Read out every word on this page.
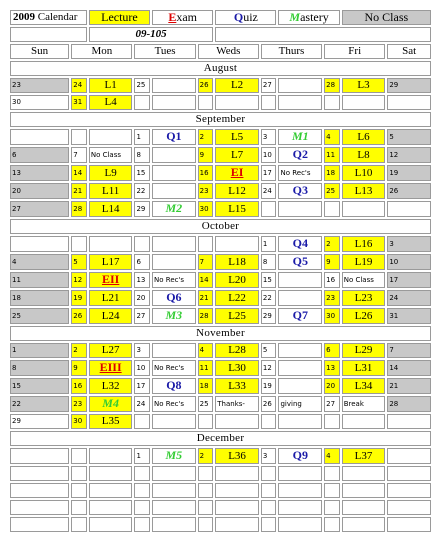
2009 Calendar		Lecture		Exam		Quiz		Mastery		No Class	
		09-105									
Sun	Mon		Tues		Weds		Thurs		Fri		Sat
August											
23	24	L1	25		26	L2	27		28	L3	29
30	31	L4									
September											
			1	Q1	2	L5	3	M1	4	L6	5
6	7	No Class	8		9	L7	10	Q2	11	L8	12
13	14	L9	15		16	EI	17	No Rec's	18	L10	19
20	21	L11	22		23	L12	24	Q3	25	L13	26
27	28	L14	29	M2	30	L15					
October											
							1	Q4	2	L16	3
4	5	L17	6		7	L18	8	Q5	9	L19	10
11	12	EII	13	No Rec's	14	L20	15		16	No Class	17
18	19	L21	20	Q6	21	L22	22		23	L23	24
25	26	L24	27	M3	28	L25	29	Q7	30	L26	31
November											
1	2	L27	3		4	L28	5		6	L29	7
8	9	EIII	10	No Rec's	11	L30	12		13	L31	14
15	16	L32	17	Q8	18	L33	19		20	L34	21
22	23	M4	24	No Rec's	25	Thanks-	26	giving	27	Break	28
29	30	L35									
December											
			1	M5	2	L36	3	Q9	4	L37	
